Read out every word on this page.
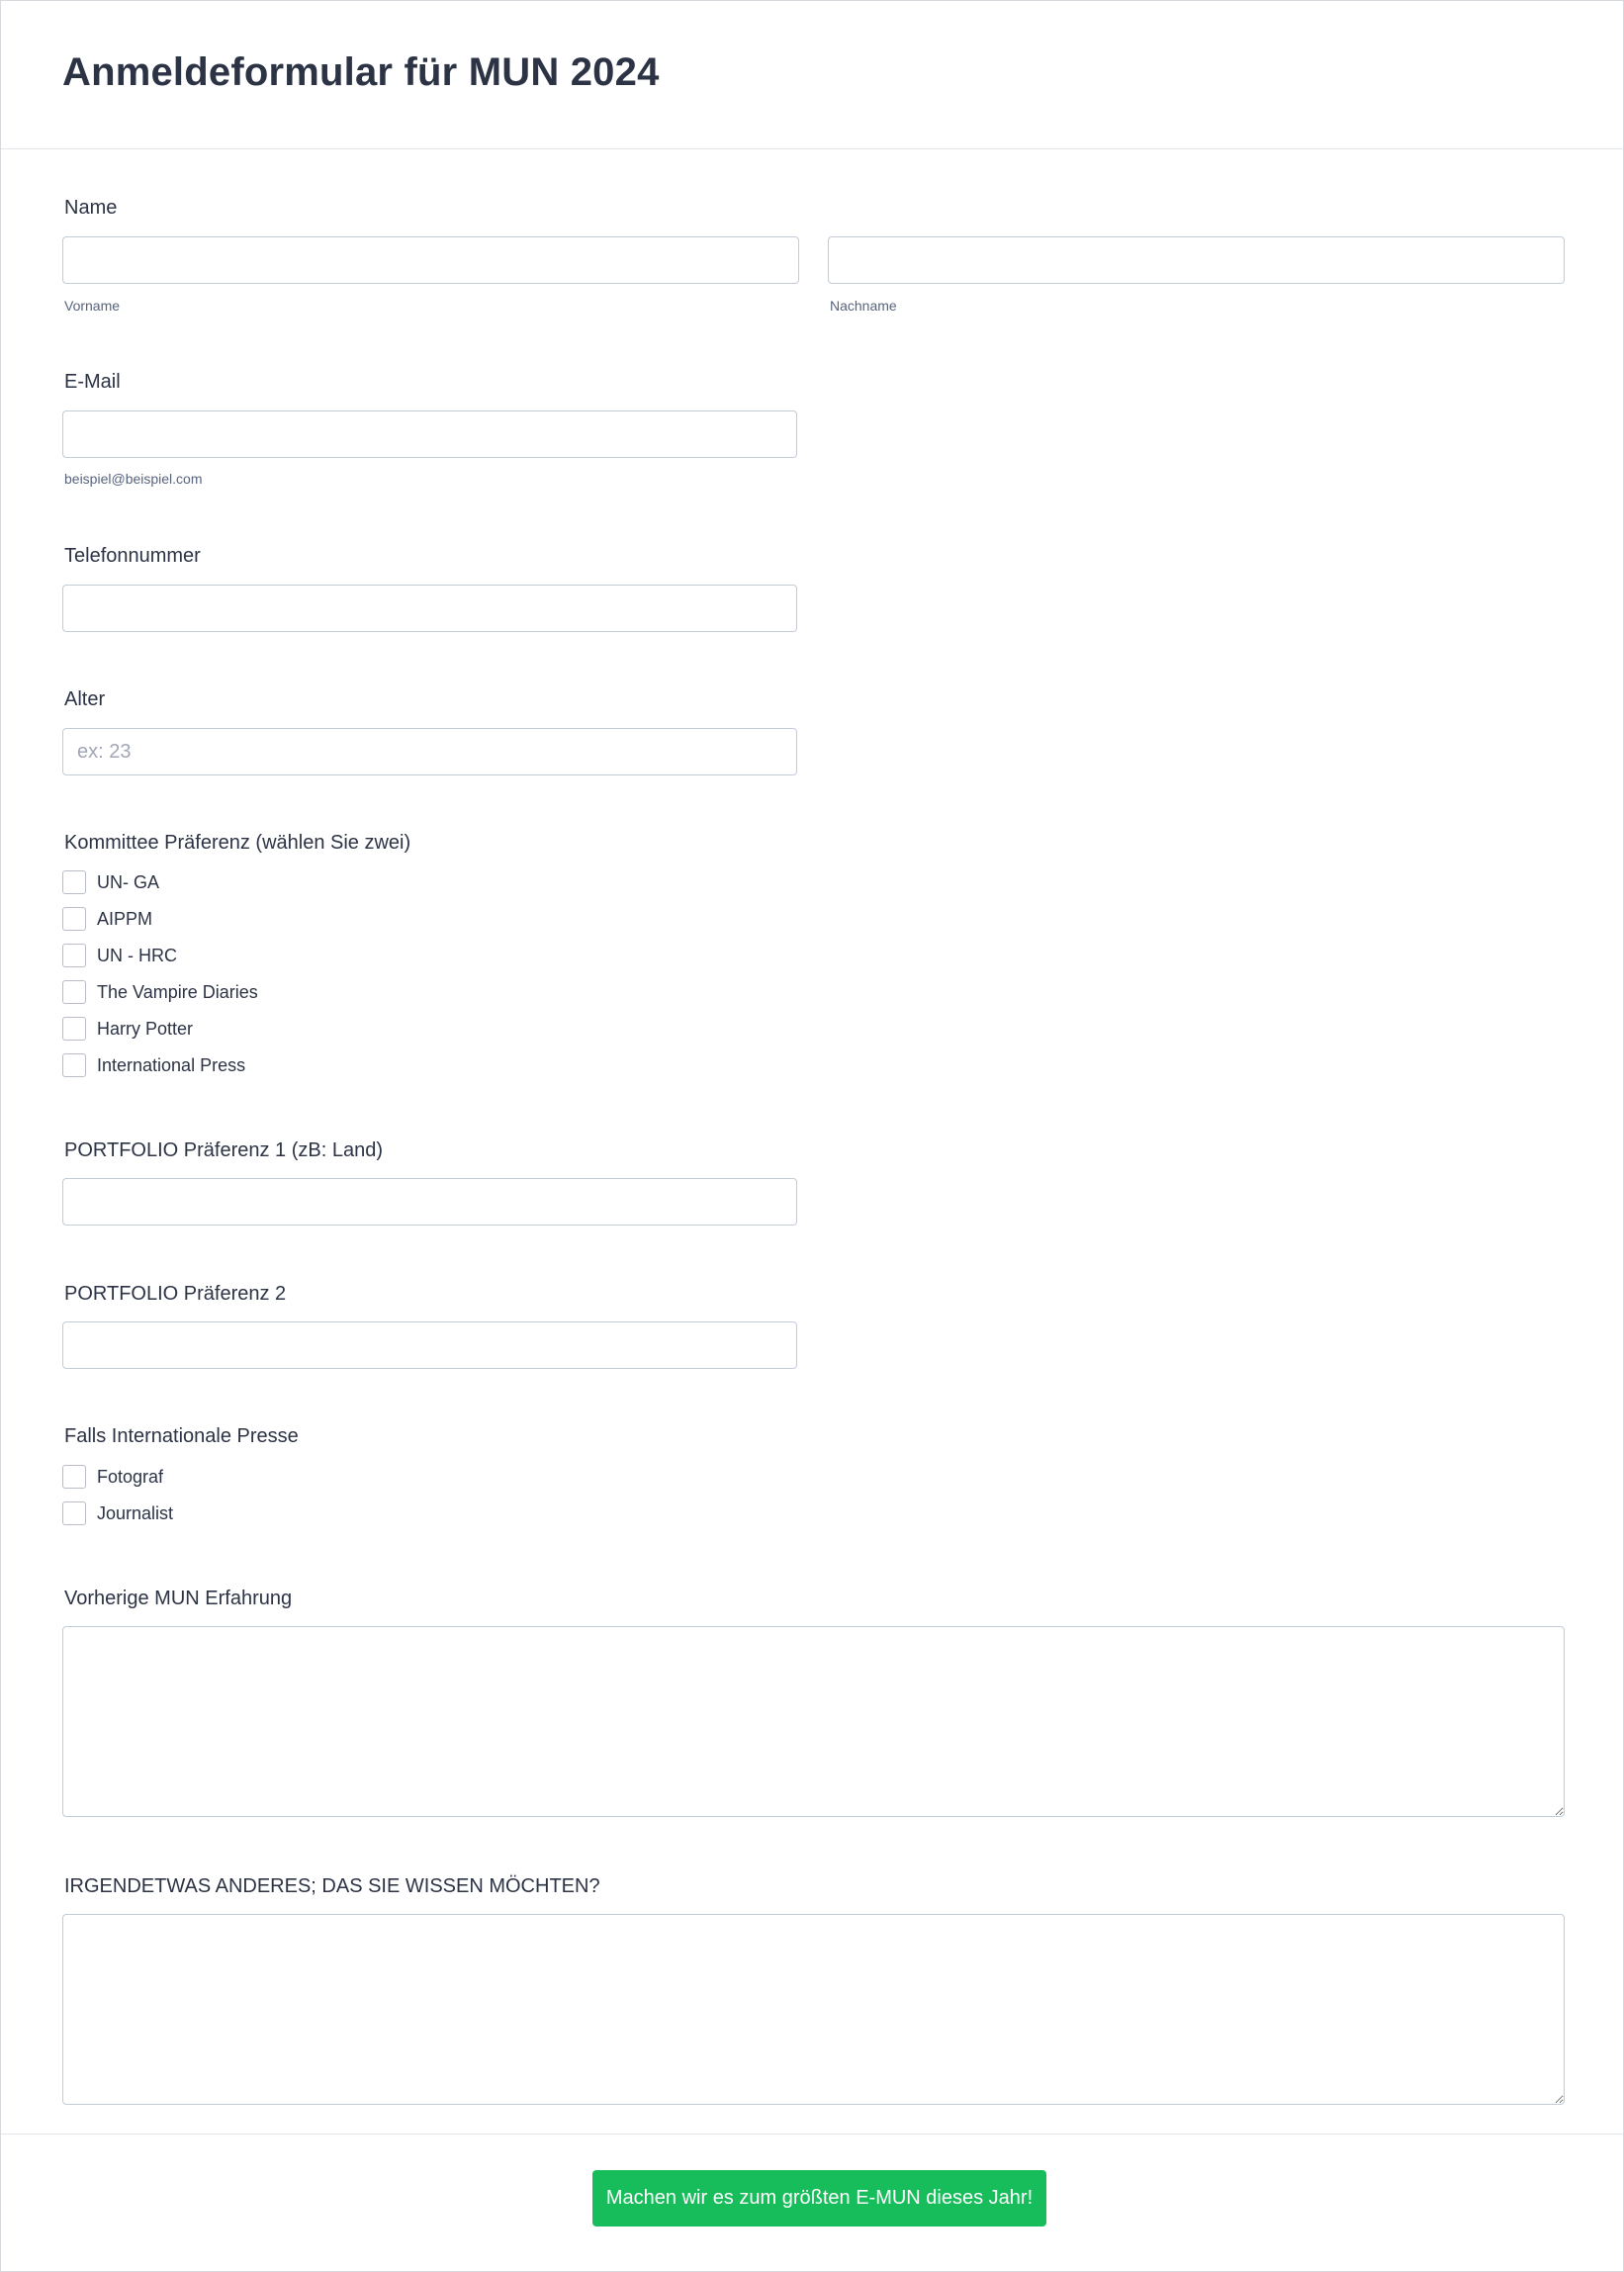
Anmeldeformular für MUN 2024
Name
Vorname	Nachname
E-Mail
beispiel@beispiel.com
Telefonnummer
Alter
ex: 23
Kommittee Präferenz (wählen Sie zwei)
UN- GA
AIPPM
UN - HRC
The Vampire Diaries
Harry Potter
International Press
PORTFOLIO Präferenz 1 (zB: Land)
PORTFOLIO Präferenz 2
Falls Internationale Presse
Fotograf
Journalist
Vorherige MUN Erfahrung
IRGENDETWAS ANDERES; DAS SIE WISSEN MÖCHTEN?
Machen wir es zum größten E-MUN dieses Jahr!
